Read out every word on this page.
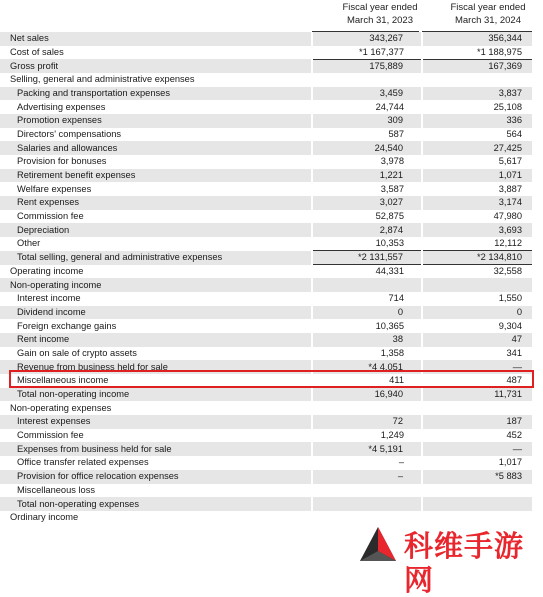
Fiscal year ended
March 31, 2023
Fiscal year ended
March 31, 2024
Net sales	343,267	356,344
Cost of sales	*1 167,377	*1 188,975
Gross profit	175,889	167,369
Selling, general and administrative expenses		
Packing and transportation expenses	3,459	3,837
Advertising expenses	24,744	25,108
Promotion expenses	309	336
Directors' compensations	587	564
Salaries and allowances	24,540	27,425
Provision for bonuses	3,978	5,617
Retirement benefit expenses	1,221	1,071
Welfare expenses	3,587	3,887
Rent expenses	3,027	3,174
Commission fee	52,875	47,980
Depreciation	2,874	3,693
Other	10,353	12,112
Total selling, general and administrative expenses	*2 131,557	*2 134,810
Operating income	44,331	32,558
Non-operating income		
Interest income	714	1,550
Dividend income	0	0
Foreign exchange gains	10,365	9,304
Rent income	38	47
Gain on sale of crypto assets	1,358	341
Revenue from business held for sale	*4 4,051	—
Miscellaneous income	411	487
Total non-operating income	16,940	11,731
Non-operating expenses		
Interest expenses	72	187
Commission fee	1,249	452
Expenses from business held for sale	*4 5,191	—
Office transfer related expenses	–	1,017
Provision for office relocation expenses	–	*5 883
Miscellaneous loss		
Total non-operating expenses		
Ordinary income		
科维手游网
